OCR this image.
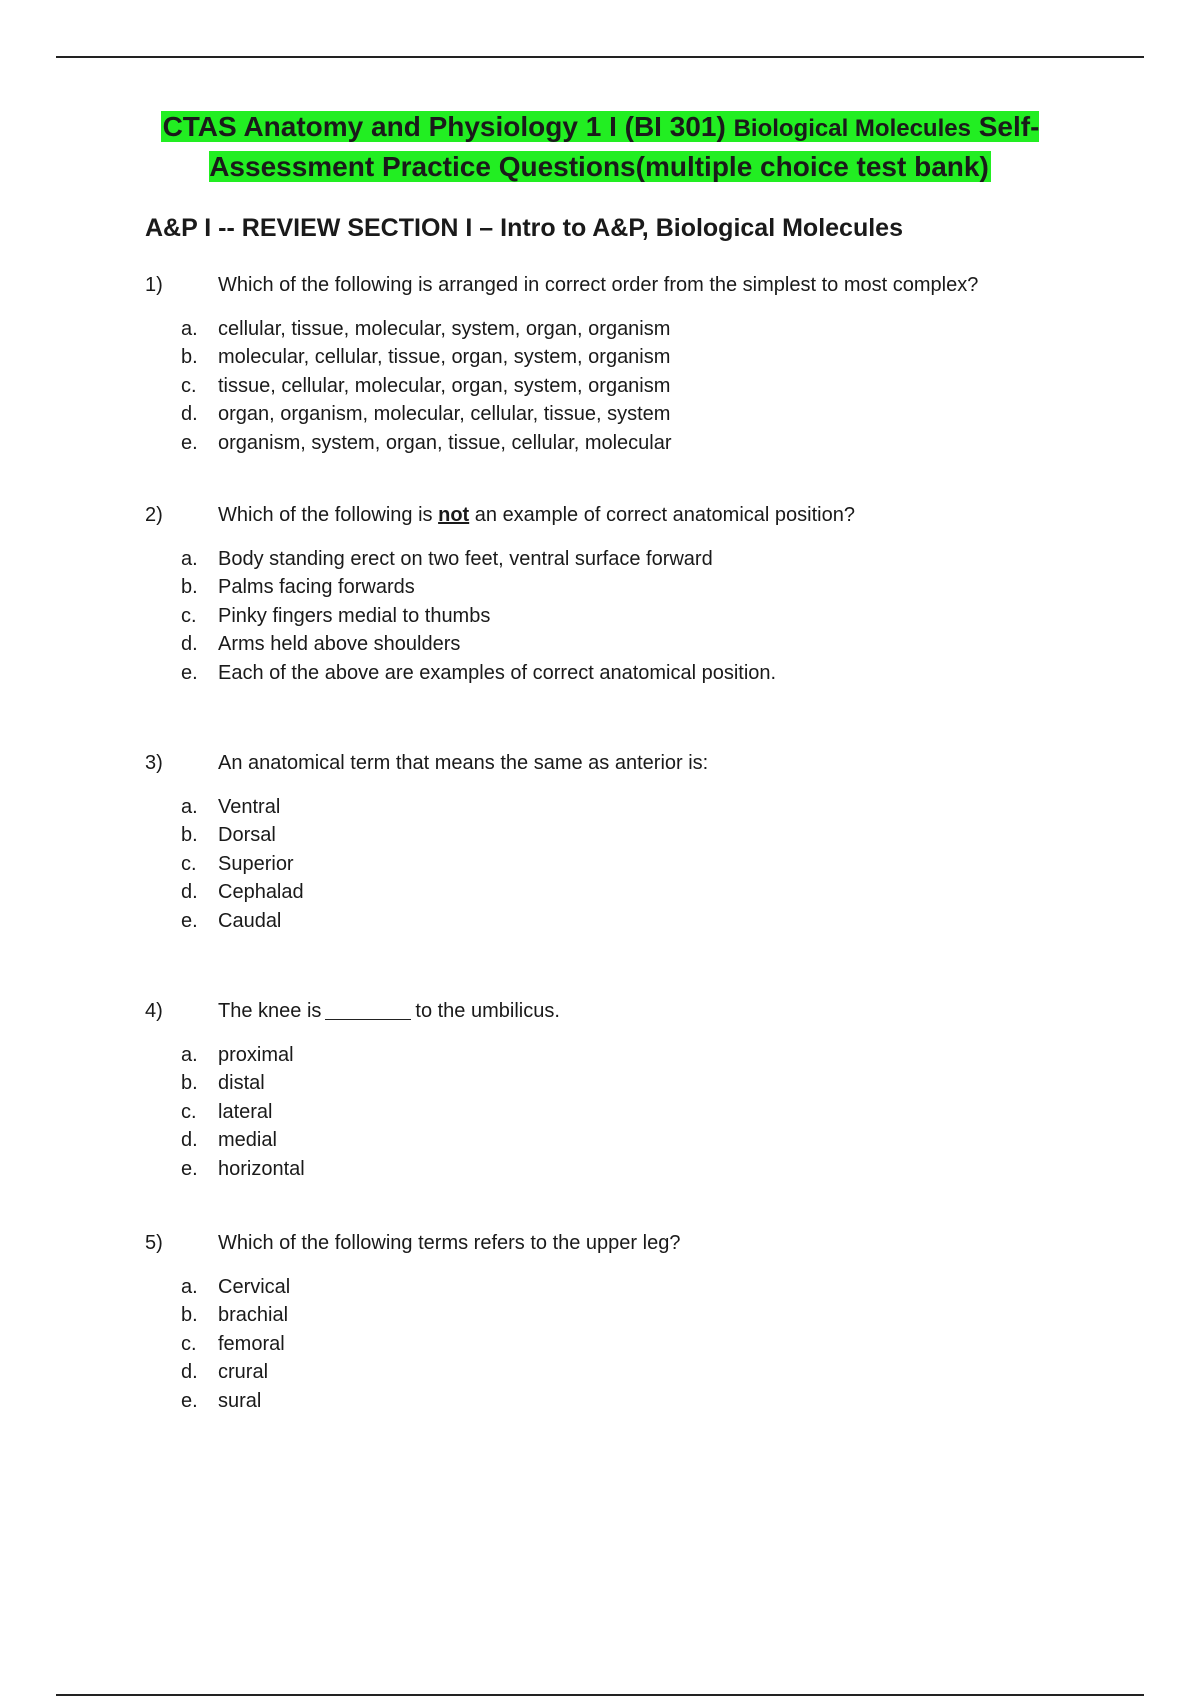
CTAS Anatomy and Physiology 1 I (BI 301) Biological Molecules Self-Assessment Practice Questions(multiple choice test bank)
A&P I -- REVIEW SECTION I – Intro to A&P, Biological Molecules
1)	Which of the following is arranged in correct order from the simplest to most complex?
a. cellular, tissue, molecular, system, organ, organism
b. molecular, cellular, tissue, organ, system, organism
c. tissue, cellular, molecular, organ, system, organism
d. organ, organism, molecular, cellular, tissue, system
e. organism, system, organ, tissue, cellular, molecular
2)	Which of the following is not an example of correct anatomical position?
a. Body standing erect on two feet, ventral surface forward
b. Palms facing forwards
c. Pinky fingers medial to thumbs
d. Arms held above shoulders
e. Each of the above are examples of correct anatomical position.
3)	An anatomical term that means the same as anterior is:
a. Ventral
b. Dorsal
c. Superior
d. Cephalad
e. Caudal
4)	The knee is	to the umbilicus.
a. proximal
b. distal
c. lateral
d. medial
e. horizontal
5)	Which of the following terms refers to the upper leg?
a. Cervical
b. brachial
c. femoral
d. crural
e. sural
